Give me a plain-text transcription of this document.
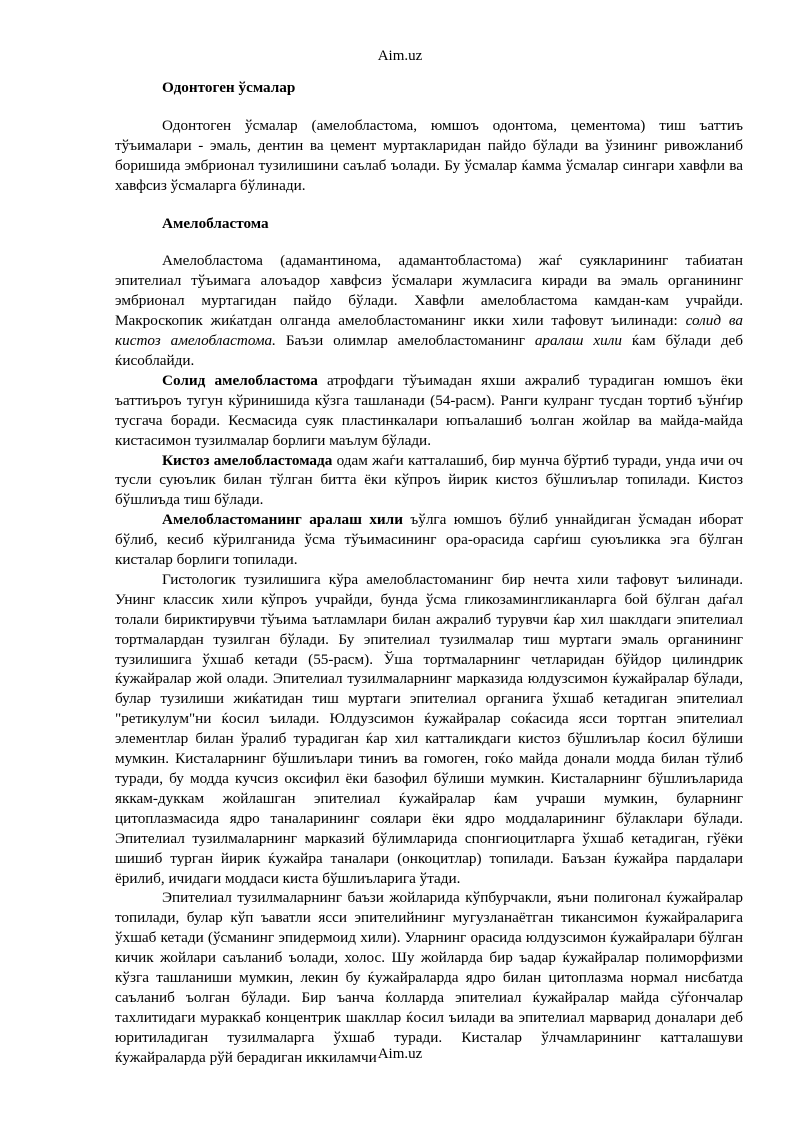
Aim.uz
Одонтоген ўсмалар

Одонтоген ўсмалар (амелобластома, юмшоъ одонтома, цементома) тиш ъаттиъ тўъималари - эмаль, дентин ва цемент муртакларидан пайдо бўлади ва ўзининг ривожланиб боришида эмбрионал тузилишини саълаб ъолади. Бу ўсмалар ќамма ўсмалар сингари хавфли ва хавфсиз ўсмаларга бўлинади.

Амелобластома

Амелобластома (адамантинома, адамантобластома) жаѓ суякларининг табиатан эпителиал тўъимага алоъадор хавфсиз ўсмалари жумласига киради ва эмаль органининг эмбрионал муртагидан пайдо бўлади. Хавфли амелобластома камдан-кам учрайди. Макроскопик жиќатдан олганда амелобластоманинг икки хили тафовут ъилинади: солид ва кистоз амелобластома. Баъзи олимлар амелобластоманинг аралаш хили ќам бўлади деб ќисоблайди.

Солид амелобластома атрофдаги тўъимадан яхши ажралиб турадиган юмшоъ ёки ъаттиъроъ тугун кўринишида кўзга ташланади (54-расм). Ранги кулранг тусдан тортиб ъўнѓир тусгача боради. Кесмасида суяк пластинкалари юпъалашиб ъолган жойлар ва майда-майда кистасимон тузилмалар борлиги маълум бўлади.

Кистоз амелобластомада одам жаѓи катталашиб, бир мунча бўртиб туради, унда ичи оч тусли суюълик билан тўлган битта ёки кўпроъ йирик кистоз бўшлиълар топилади. Кистоз бўшлиъда тиш бўлади.

Амелобластоманинг аралаш хили ъўлга юмшоъ бўлиб уннайдиган ўсмадан иборат бўлиб, кесиб кўрилганида ўсма тўъимасининг ора-орасида сарѓиш суюъликка эга бўлган кисталар борлиги топилади.

Гистологик тузилишига кўра амелобластоманинг бир нечта хили тафовут ъилинади. Унинг классик хили кўпроъ учрайди, бунда ўсма гликозамингликанларга бой бўлган даѓал толали бириктирувчи тўъима ъатламлари билан ажралиб турувчи ќар хил шаклдаги эпителиал тортмалардан тузилган бўлади. Бу эпителиал тузилмалар тиш муртаги эмаль органининг тузилишига ўхшаб кетади (55-расм). Ўша тортмаларнинг четларидан бўйдор цилиндрик ќужайралар жой олади. Эпителиал тузилмаларнинг марказида юлдузсимон ќужайралар бўлади, булар тузилиши жиќатидан тиш муртаги эпителиал органига ўхшаб кетадиган эпителиал "ретикулум"ни ќосил ъилади. Юлдузсимон ќужайралар соќасида ясси тортган эпителиал элементлар билан ўралиб турадиган ќар хил катталикдаги кистоз бўшлиълар ќосил бўлиши мумкин. Кисталарнинг бўшлиълари тиниъ ва гомоген, гоќо майда донали модда билан тўлиб туради, бу модда кучсиз оксифил ёки базофил бўлиши мумкин. Кисталарнинг бўшлиъларида яккам-дуккам жойлашган эпителиал ќужайралар ќам учраши мумкин, буларнинг цитоплазмасида ядро таналарининг соялари ёки ядро моддаларининг бўлаклари бўлади. Эпителиал тузилмаларнинг марказий бўлимларида спонгиоцитларга ўхшаб кетадиган, гўёки шишиб турган йирик ќужайра таналари (онкоцитлар) топилади. Баъзан ќужайра пардалари ёрилиб, ичидаги моддаси киста бўшлиъларига ўтади.

Эпителиал тузилмаларнинг баъзи жойларида кўпбурчакли, яъни полигонал ќужайралар топилади, булар кўп ъаватли ясси эпителийнинг мугузланаётган тикансимон ќужайраларига ўхшаб кетади (ўсманинг эпидермоид хили). Уларнинг орасида юлдузсимон ќужайралари бўлган кичик жойлари саъланиб ъолади, холос. Шу жойларда бир ъадар ќужайралар полиморфизми кўзга ташланиши мумкин, лекин бу ќужайраларда ядро билан цитоплазма нормал нисбатда саъланиб ъолган бўлади. Бир ъанча ќолларда эпителиал ќужайралар майда сўѓончалар тахлитидаги мураккаб концентрик шакллар ќосил ъилади ва эпителиал марварид доналари деб юритиладиган тузилмаларга ўхшаб туради. Кисталар ўлчамларининг катталашуви ќужайраларда рўй берадиган иккиламчи Aim.uz
